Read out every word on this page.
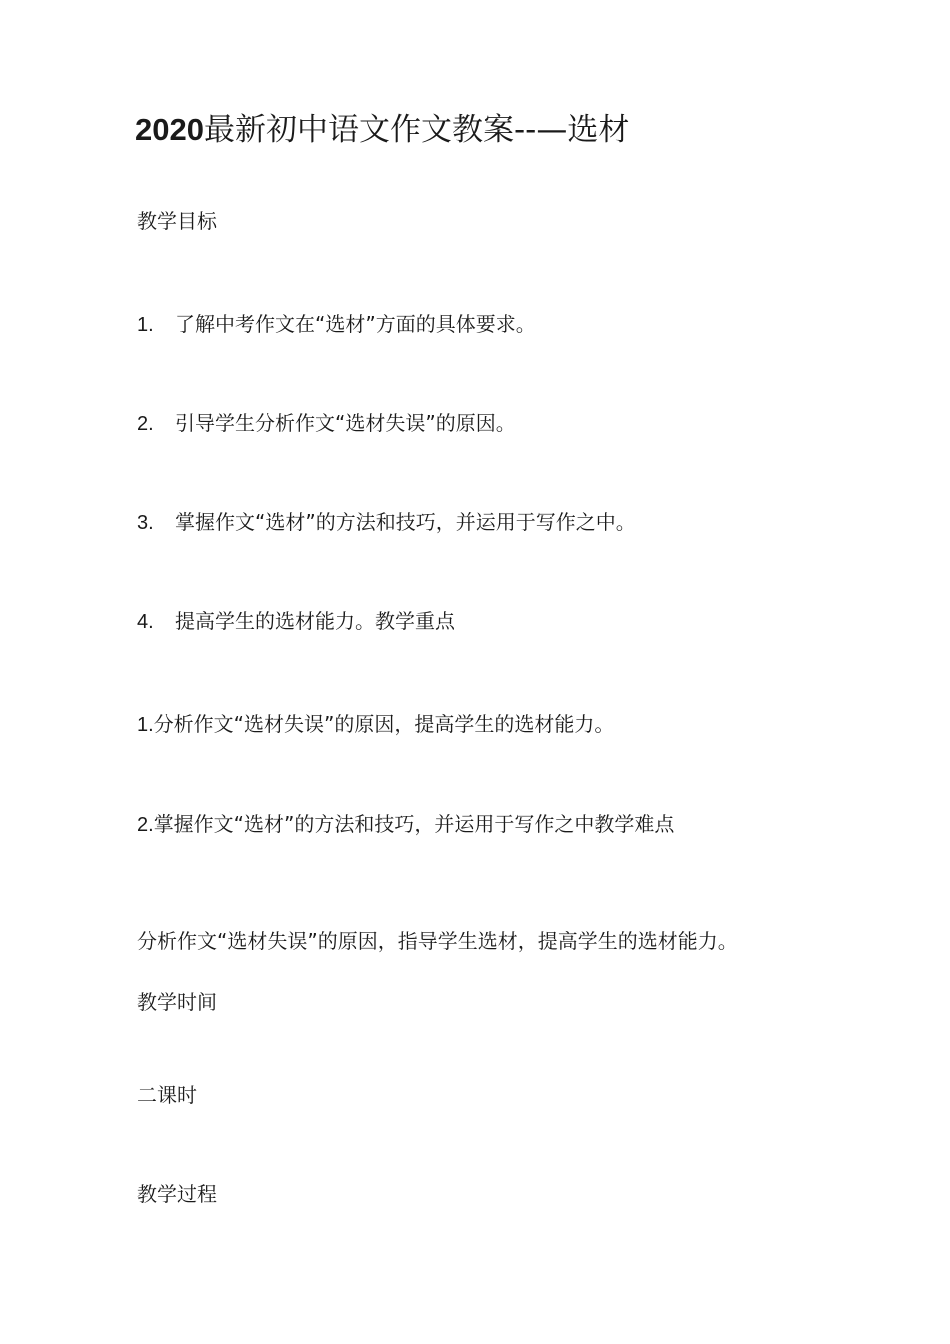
2020最新初中语文作文教案--—选材
教学目标
1. 了解中考作文在“选材”方面的具体要求。
2. 引导学生分析作文“选材失误”的原因。
3. 掌握作文“选材”的方法和技巧，并运用于写作之中。
4. 提高学生的选材能力。教学重点
1.分析作文“选材失误”的原因，提高学生的选材能力。
2.掌握作文“选材”的方法和技巧，并运用于写作之中教学难点
分析作文“选材失误”的原因，指导学生选材，提高学生的选材能力。
教学时间
二课时
教学过程
